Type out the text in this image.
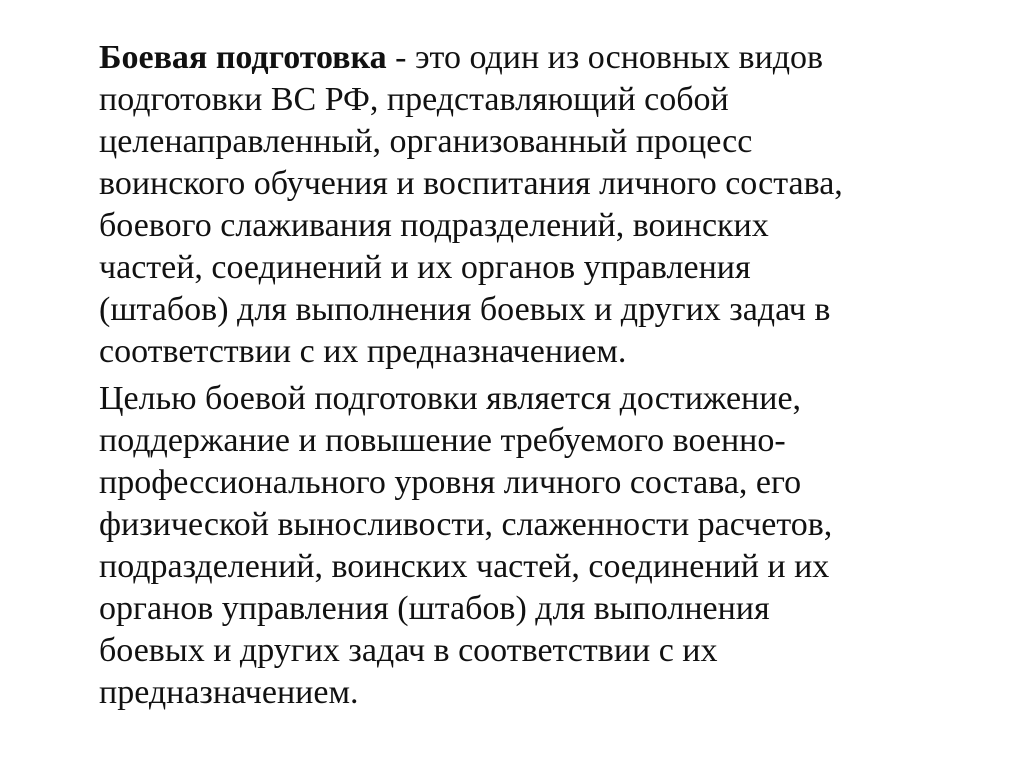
Боевая подготовка - это один из основных видов
подготовки ВС РФ, представляющий собой
целенаправленный, организованный процесс
воинского обучения и воспитания личного состава,
боевого слаживания подразделений, воинских
частей, соединений и их органов управления
(штабов) для выполнения боевых и других задач в
соответствии с их предназначением.
Целью боевой подготовки является достижение,
поддержание и повышение требуемого военно-
профессионального уровня личного состава, его
физической выносливости, слаженности расчетов,
подразделений, воинских частей, соединений и их
органов управления (штабов) для выполнения
боевых и других задач в соответствии с их
предназначением.
